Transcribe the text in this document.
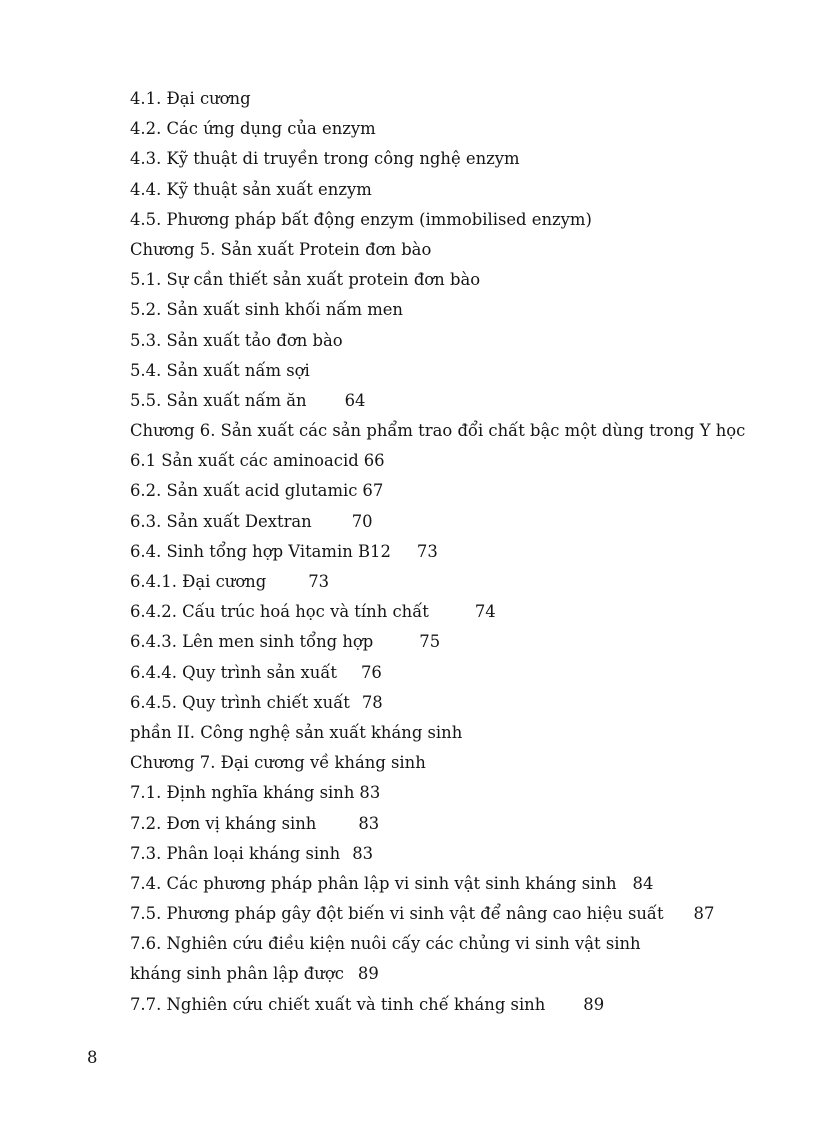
4.1. Đại cương
4.2. Các ứng dụng của enzym
4.3. Kỹ thuật di truyền trong công nghệ enzym
4.4. Kỹ thuật sản xuất enzym
4.5. Phương pháp bất động enzym (immobilised enzym)
Chương 5. Sản xuất Protein đơn bào
5.1. Sự cần thiết sản xuất protein đơn bào
5.2. Sản xuất sinh khối nấm men
5.3. Sản xuất tảo đơn bào
5.4. Sản xuất nấm sợi
5.5. Sản xuất nấm ăn 64
Chương 6. Sản xuất các sản phẩm trao đổi chất bậc một dùng trong Y học
6.1 Sản xuất các aminoacid 66
6.2. Sản xuất acid glutamic 67
6.3. Sản xuất Dextran 70
6.4. Sinh tổng hợp Vitamin B12 73
6.4.1. Đại cương	73
6.4.2. Cấu trúc hoá học và tính chất	74
6.4.3. Lên men sinh tổng hợp	75
6.4.4. Quy trình sản xuất 76
6.4.5. Quy trình chiết xuất 78
phần II. Công nghệ sản xuất kháng sinh
Chương 7. Đại cương về kháng sinh
7.1. Định nghĩa kháng sinh 83
7.2. Đơn vị kháng sinh	83
7.3. Phân loại kháng sinh 83
7.4. Các phương pháp phân lập vi sinh vật sinh kháng sinh 84
7.5. Phương pháp gây đột biến vi sinh vật để nâng cao hiệu suất 87
7.6. Nghiên cứu điều kiện nuôi cấy các chủng vi sinh vật sinh
kháng sinh phân lập được 89
7.7. Nghiên cứu chiết xuất và tinh chế kháng sinh 89
8
